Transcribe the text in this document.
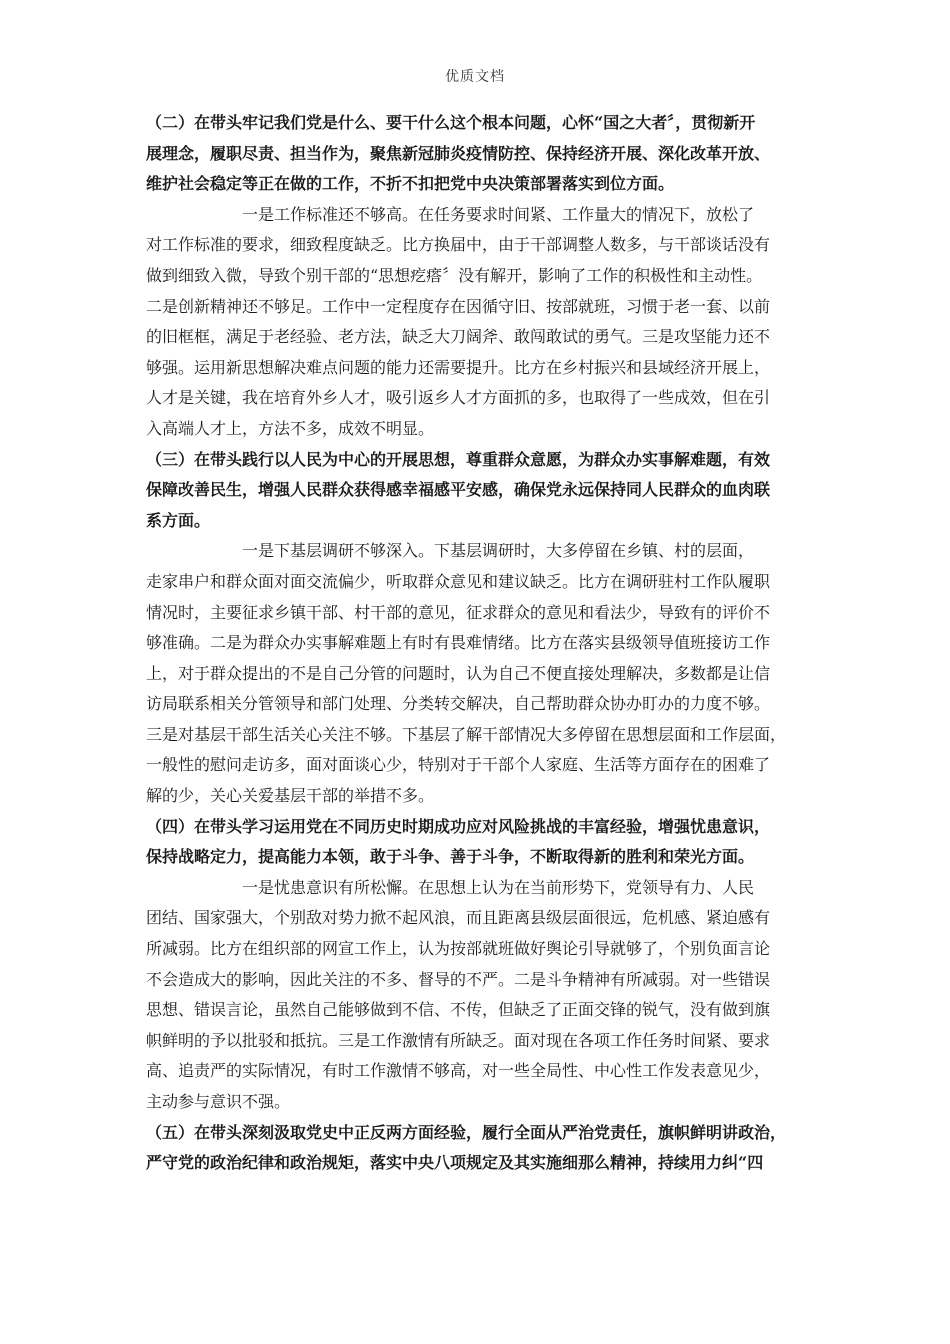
优质文档
（二）在带头牢记我们党是什么、要干什么这个根本问题，心怀“国之大者〞，贯彻新开
展理念，履职尽责、担当作为，聚焦新冠肺炎疫情防控、保持经济开展、深化改革开放、
维护社会稳定等正在做的工作，不折不扣把党中央决策部署落实到位方面。
一是工作标准还不够高。在任务要求时间紧、工作量大的情况下，放松了
对工作标准的要求，细致程度缺乏。比方换届中，由于干部调整人数多，与干部谈话没有
做到细致入微，导致个别干部的“思想疙瘩〞没有解开，影响了工作的积极性和主动性。
二是创新精神还不够足。工作中一定程度存在因循守旧、按部就班，习惯于老一套、以前
的旧框框，满足于老经验、老方法，缺乏大刀阔斧、敢闯敢试的勇气。三是攻坚能力还不
够强。运用新思想解决难点问题的能力还需要提升。比方在乡村振兴和县域经济开展上，
人才是关键，我在培育外乡人才，吸引返乡人才方面抓的多，也取得了一些成效，但在引
入高端人才上，方法不多，成效不明显。
（三）在带头践行以人民为中心的开展思想，尊重群众意愿，为群众办实事解难题，有效
保障改善民生，增强人民群众获得感幸福感平安感，确保党永远保持同人民群众的血肉联
系方面。
一是下基层调研不够深入。下基层调研时，大多停留在乡镇、村的层面，
走家串户和群众面对面交流偏少，听取群众意见和建议缺乏。比方在调研驻村工作队履职
情况时，主要征求乡镇干部、村干部的意见，征求群众的意见和看法少，导致有的评价不
够准确。二是为群众办实事解难题上有时有畏难情绪。比方在落实县级领导值班接访工作
上，对于群众提出的不是自己分管的问题时，认为自己不便直接处理解决，多数都是让信
访局联系相关分管领导和部门处理、分类转交解决，自己帮助群众协办盯办的力度不够。
三是对基层干部生活关心关注不够。下基层了解干部情况大多停留在思想层面和工作层面，
一般性的慰问走访多，面对面谈心少，特别对于干部个人家庭、生活等方面存在的困难了
解的少，关心关爱基层干部的举措不多。
（四）在带头学习运用党在不同历史时期成功应对风险挑战的丰富经验，增强忧患意识，
保持战略定力，提高能力本领，敢于斗争、善于斗争，不断取得新的胜利和荣光方面。
一是忧患意识有所松懈。在思想上认为在当前形势下，党领导有力、人民
团结、国家强大，个别敌对势力掀不起风浪，而且距离县级层面很远，危机感、紧迫感有
所减弱。比方在组织部的网宣工作上，认为按部就班做好舆论引导就够了，个别负面言论
不会造成大的影响，因此关注的不多、督导的不严。二是斗争精神有所减弱。对一些错误
思想、错误言论，虽然自己能够做到不信、不传，但缺乏了正面交锋的锐气，没有做到旗
帜鲜明的予以批驳和抵抗。三是工作激情有所缺乏。面对现在各项工作任务时间紧、要求
高、追责严的实际情况，有时工作激情不够高，对一些全局性、中心性工作发表意见少，
主动参与意识不强。
（五）在带头深刻汲取党史中正反两方面经验，履行全面从严治党责任，旗帜鲜明讲政治，
严守党的政治纪律和政治规矩，落实中央八项规定及其实施细那么精神，持续用力纠“四
